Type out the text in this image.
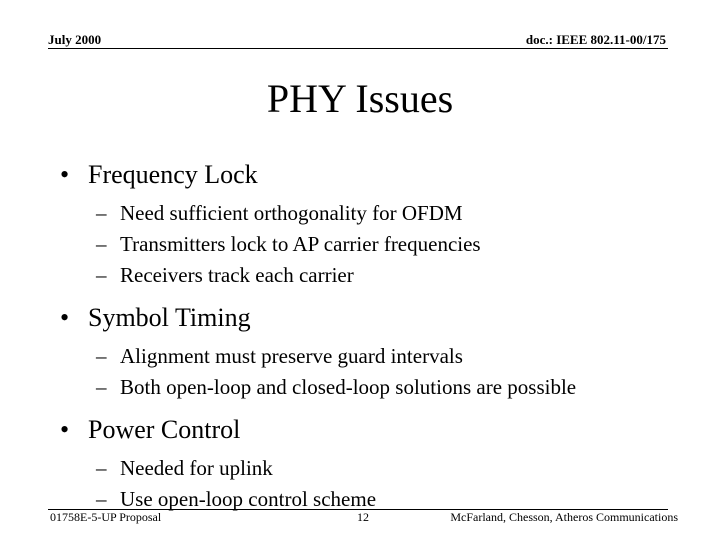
July 2000	doc.: IEEE 802.11-00/175
PHY Issues
• Frequency Lock
– Need sufficient orthogonality for OFDM
– Transmitters lock to AP carrier frequencies
– Receivers track each carrier
• Symbol Timing
– Alignment must preserve guard intervals
– Both open-loop and closed-loop solutions are possible
• Power Control
– Needed for uplink
– Use open-loop control scheme
01758E-5-UP Proposal	12	McFarland, Chesson, Atheros Communications
